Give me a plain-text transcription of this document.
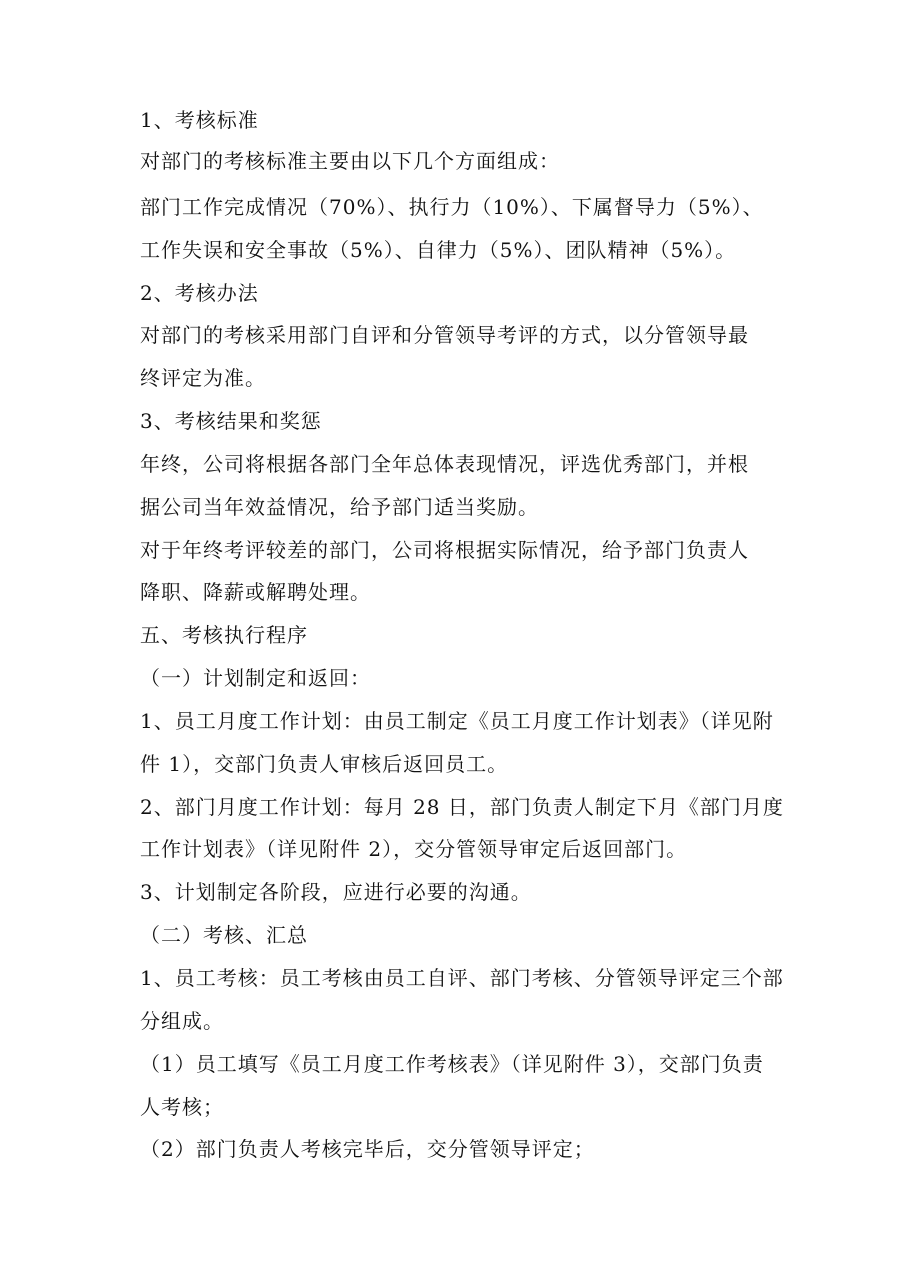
1、考核标准
对部门的考核标准主要由以下几个方面组成：
部门工作完成情况（70%）、执行力（10%）、下属督导力（5%）、
工作失误和安全事故（5%）、自律力（5%）、团队精神（5%）。
2、考核办法
对部门的考核采用部门自评和分管领导考评的方式，以分管领导最
终评定为准。
3、考核结果和奖惩
年终，公司将根据各部门全年总体表现情况，评选优秀部门，并根
据公司当年效益情况，给予部门适当奖励。
对于年终考评较差的部门，公司将根据实际情况，给予部门负责人
降职、降薪或解聘处理。
五、考核执行程序
（一）计划制定和返回：
1、员工月度工作计划：由员工制定《员工月度工作计划表》（详见附
件 1），交部门负责人审核后返回员工。
2、部门月度工作计划：每月 28 日，部门负责人制定下月《部门月度
工作计划表》（详见附件 2），交分管领导审定后返回部门。
3、计划制定各阶段，应进行必要的沟通。
（二）考核、汇总
1、员工考核：员工考核由员工自评、部门考核、分管领导评定三个部
分组成。
（1）员工填写《员工月度工作考核表》（详见附件 3），交部门负责
人考核；
（2）部门负责人考核完毕后，交分管领导评定；
